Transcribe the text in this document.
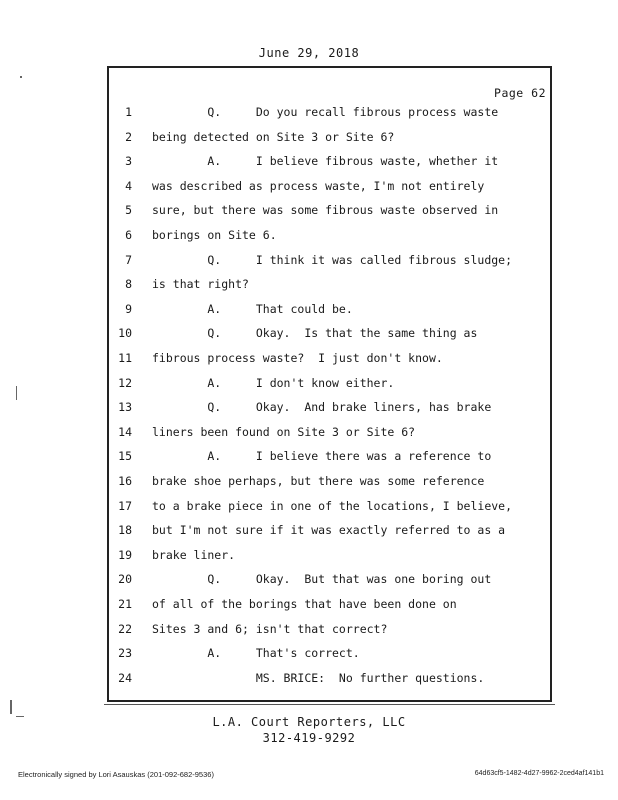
June 29, 2018
Page 62
1 Q.     Do you recall fibrous process waste
2 being detected on Site 3 or Site 6?
3 A.     I believe fibrous waste, whether it
4 was described as process waste, I'm not entirely
5 sure, but there was some fibrous waste observed in
6 borings on Site 6.
7 Q.     I think it was called fibrous sludge;
8 is that right?
9 A.     That could be.
10 Q.     Okay.  Is that the same thing as
11 fibrous process waste?  I just don't know.
12 A.     I don't know either.
13 Q.     Okay.  And brake liners, has brake
14 liners been found on Site 3 or Site 6?
15 A.     I believe there was a reference to
16 brake shoe perhaps, but there was some reference
17 to a brake piece in one of the locations, I believe,
18 but I'm not sure if it was exactly referred to as a
19 brake liner.
20 Q.     Okay.  But that was one boring out
21 of all of the borings that have been done on
22 Sites 3 and 6; isn't that correct?
23 A.     That's correct.
24 MS. BRICE:  No further questions.
L.A. Court Reporters, LLC
312-419-9292
Electronically signed by Lori Asauskas (201-092-682-9536)	64d63cf5-1482-4d27-9962-2ced4af141b1
